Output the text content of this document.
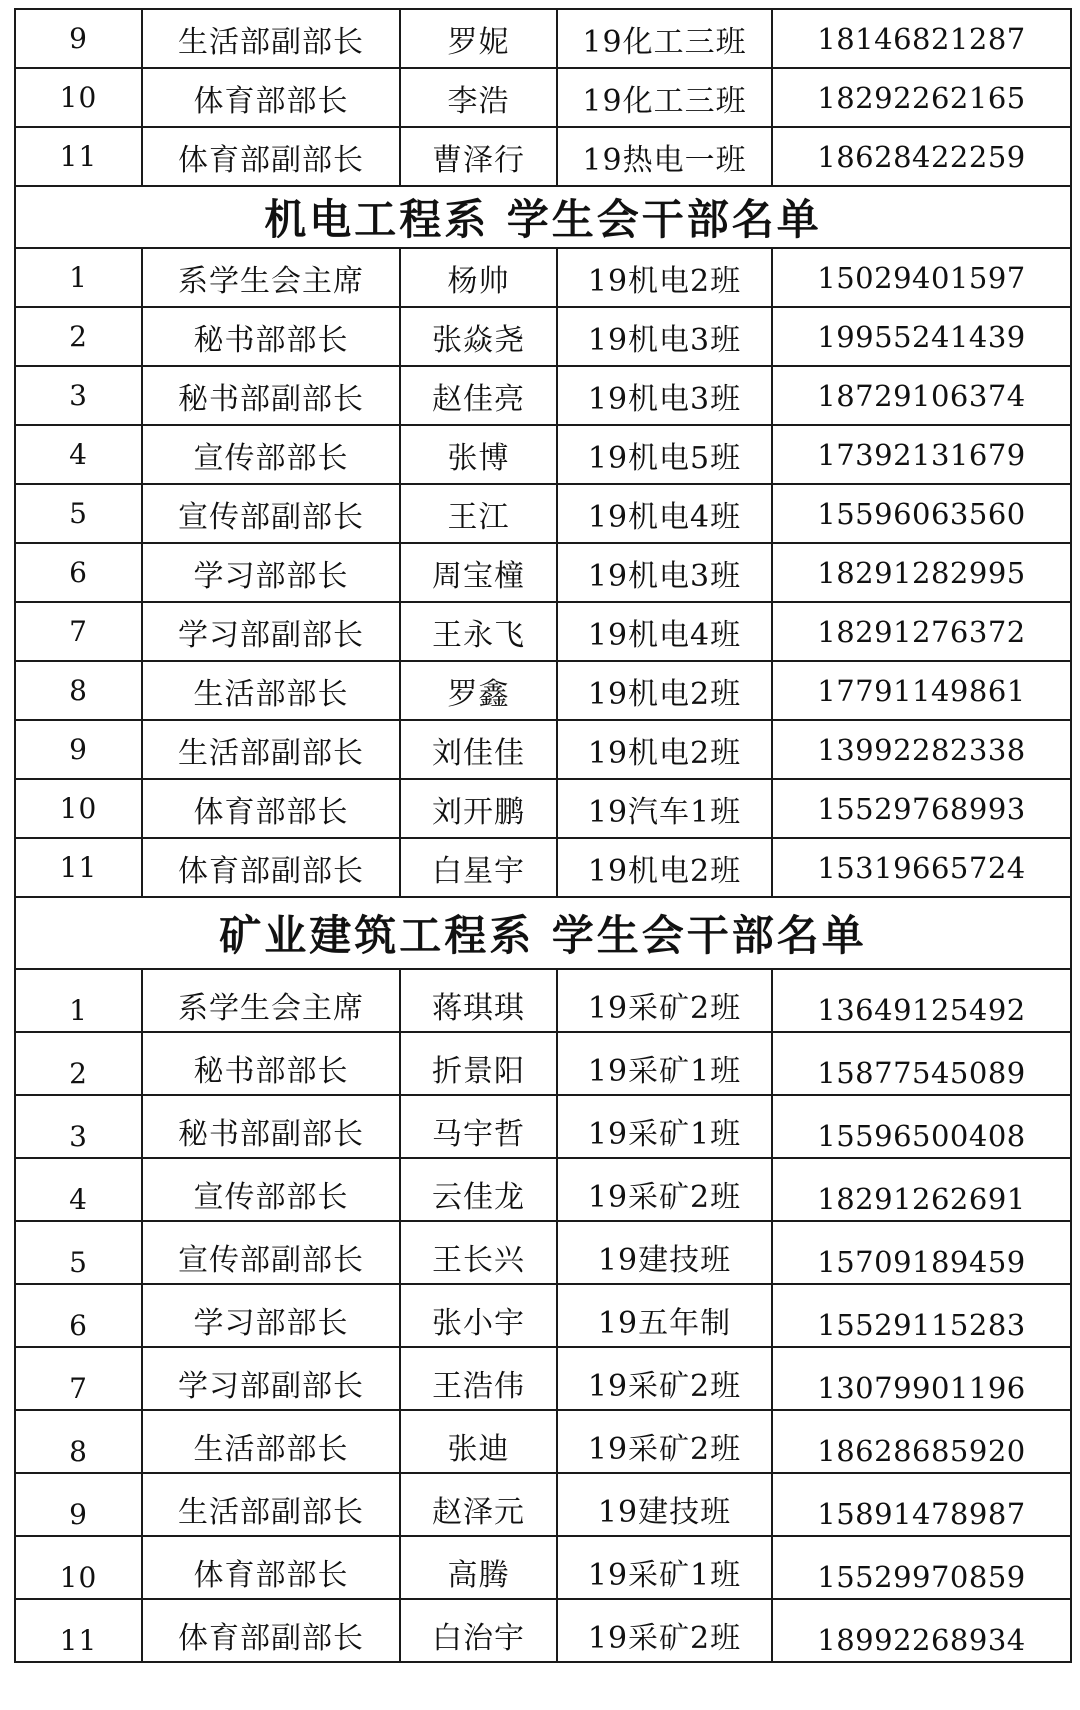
9	生活部副部长	罗妮	19化工三班	18146821287
10	体育部部长	李浩	19化工三班	18292262165
11	体育部副部长	曹泽行	19热电一班	18628422259
机电工程系 学生会干部名单				
1	系学生会主席	杨帅	19机电2班	15029401597
2	秘书部部长	张焱尧	19机电3班	19955241439
3	秘书部副部长	赵佳亮	19机电3班	18729106374
4	宣传部部长	张博	19机电5班	17392131679
5	宣传部副部长	王江	19机电4班	15596063560
6	学习部部长	周宝橦	19机电3班	18291282995
7	学习部副部长	王永飞	19机电4班	18291276372
8	生活部部长	罗鑫	19机电2班	17791149861
9	生活部副部长	刘佳佳	19机电2班	13992282338
10	体育部部长	刘开鹏	19汽车1班	15529768993
11	体育部副部长	白星宇	19机电2班	15319665724
矿业建筑工程系 学生会干部名单				
1	系学生会主席	蒋琪琪	19采矿2班	13649125492
2	秘书部部长	折景阳	19采矿1班	15877545089
3	秘书部副部长	马宇哲	19采矿1班	15596500408
4	宣传部部长	云佳龙	19采矿2班	18291262691
5	宣传部副部长	王长兴	19建技班	15709189459
6	学习部部长	张小宇	19五年制	15529115283
7	学习部副部长	王浩伟	19采矿2班	13079901196
8	生活部部长	张迪	19采矿2班	18628685920
9	生活部副部长	赵泽元	19建技班	15891478987
10	体育部部长	高腾	19采矿1班	15529970859
11	体育部副部长	白治宇	19采矿2班	18992268934
